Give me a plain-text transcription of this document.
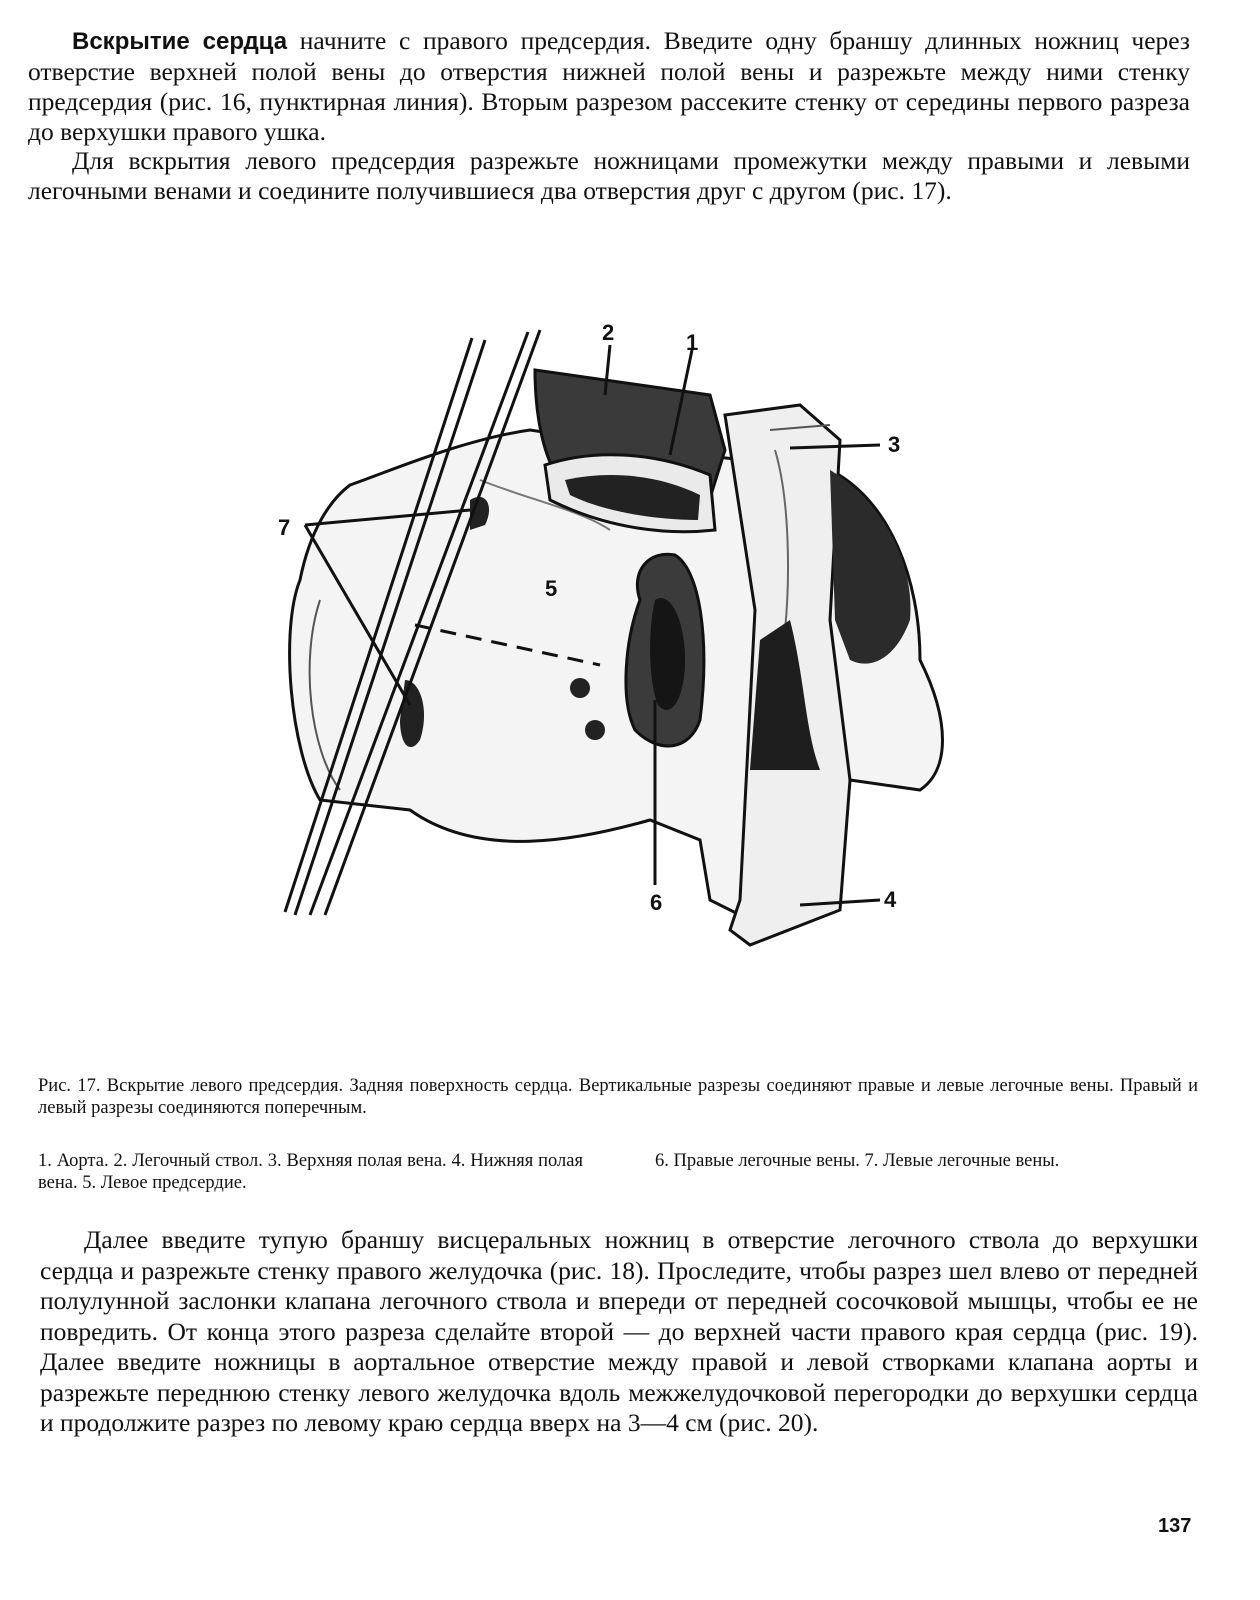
Вскрытие сердца начните с правого предсердия. Введите одну браншу длинных ножниц через отверстие верхней полой вены до отверстия нижней полой вены и разрежьте между ними стенку предсердия (рис. 16, пунктирная линия). Вторым разрезом рассеките стенку от середины первого разреза до верхушки правого ушка.

Для вскрытия левого предсердия разрежьте ножницами промежутки между правыми и левыми легочными венами и соедините получившиеся два отверстия друг с другом (рис. 17).

2	1
3
5
7
6	4

Рис. 17. Вскрытие левого предсердия. Задняя поверхность сердца. Вертикальные разрезы соединяют правые и левые легочные вены. Правый и левый разрезы соединяются поперечным.

1. Аорта. 2. Легочный ствол. 3. Верхняя полая вена. 4. Нижняя полая вена. 5. Левое предсердие.

6. Правые легочные вены. 7. Левые легочные вены.

Далее введите тупую браншу висцеральных ножниц в отверстие легочного ствола до верхушки сердца и разрежьте стенку правого желудочка (рис. 18). Проследите, чтобы разрез шел влево от передней полулунной заслонки клапана легочного ствола и впереди от передней сосочковой мышцы, чтобы ее не повредить. От конца этого разреза сделайте второй — до верхней части правого края сердца (рис. 19). Далее введите ножницы в аортальное отверстие между правой и левой створками клапана аорты и разрежьте переднюю стенку левого желудочка вдоль межжелудочковой перегородки до верхушки сердца и продолжите разрез по левому краю сердца вверх на 3—4 см (рис. 20).

137
